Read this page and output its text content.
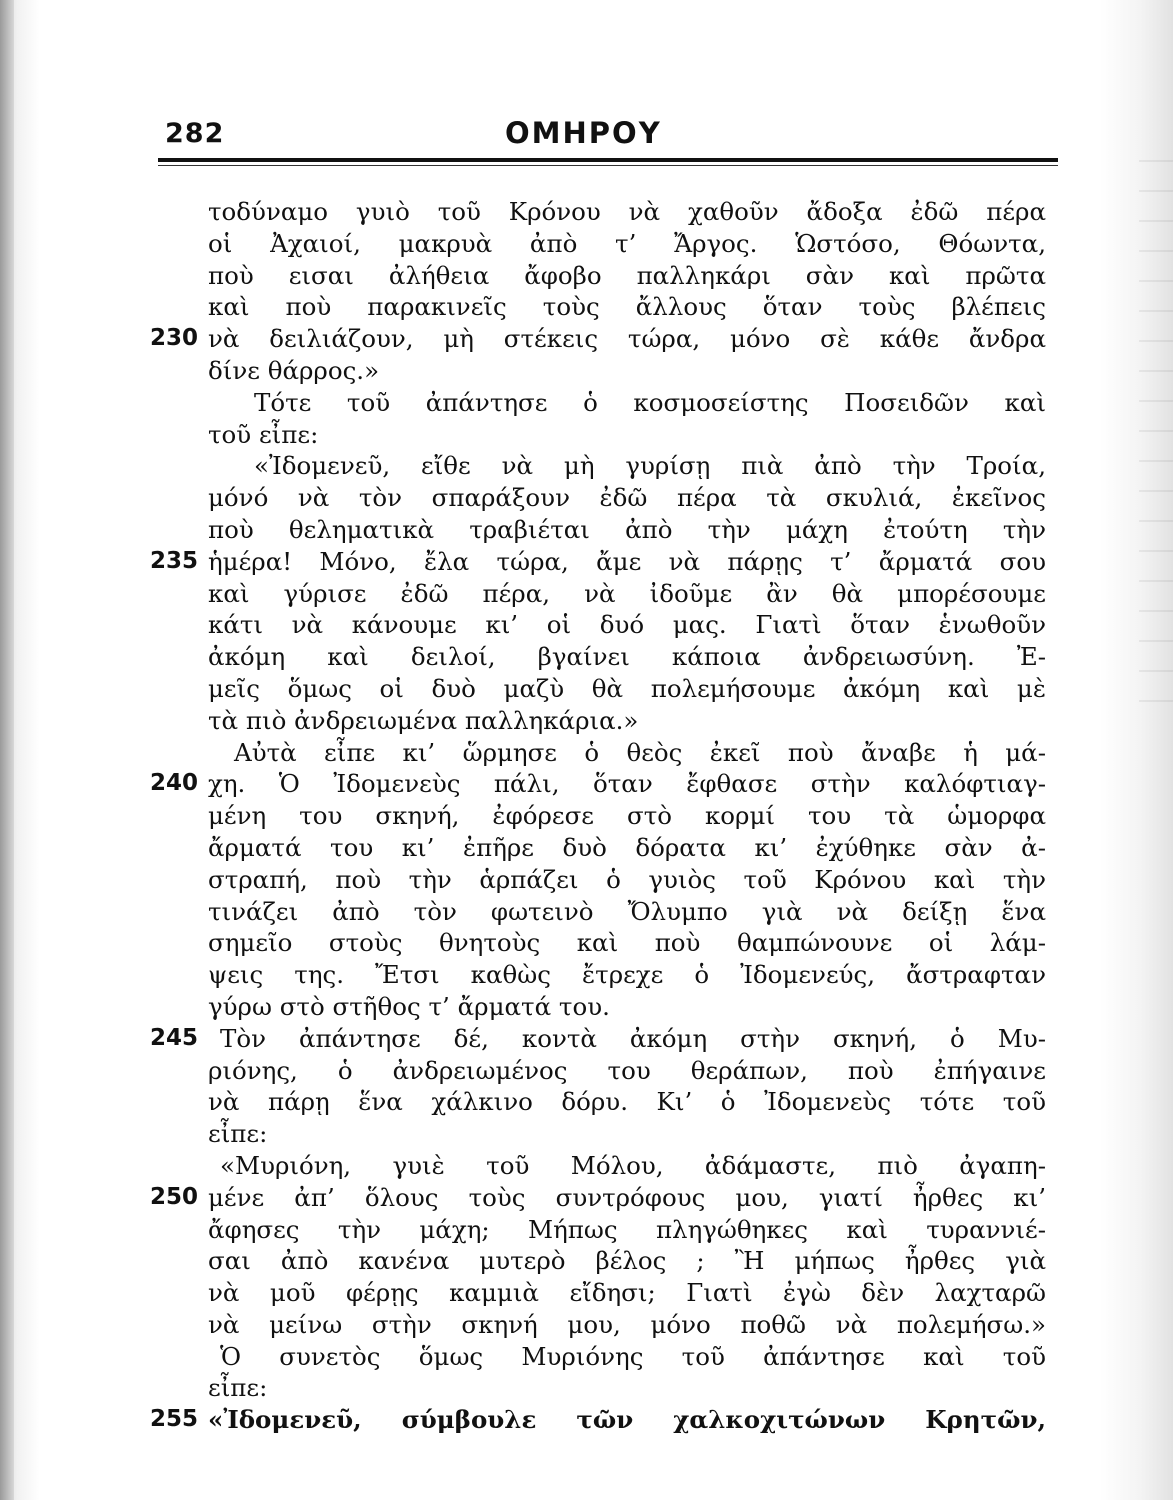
282	ΟΜΗΡΟΥ
τοδύναμο γυιὸ τοῦ Κρόνου νὰ χαθοῦν ἄδοξα ἐδῶ πέρα
οἱ Ἀχαιοί, μακρυὰ ἀπὸ τ’ Ἄργος. Ὡστόσο, Θόωντα,
ποὺ εισαι ἀλήθεια ἄφοβο παλληκάρι σὰν καὶ πρῶτα
καὶ ποὺ παρακινεῖς τοὺς ἄλλους ὅταν τοὺς βλέπεις
230 νὰ δειλιάζουν, μὴ στέκεις τώρα, μόνο σὲ κάθε ἄνδρα
δίνε θάρρος.»
Τότε τοῦ ἀπάντησε ὁ κοσμοσείστης Ποσειδῶν καὶ
τοῦ εἶπε:
«Ἰδομενεῦ, εἴθε νὰ μὴ γυρίσῃ πιὰ ἀπὸ τὴν Τροία,
μόνό νὰ τὸν σπαράξουν ἐδῶ πέρα τὰ σκυλιά, ἐκεῖνος
ποὺ θεληματικὰ τραβιέται ἀπὸ τὴν μάχη ἐτούτη τὴν
235 ἡμέρα! Μόνο, ἔλα τώρα, ἄμε νὰ πάρῃς τ’ ἄρματά σου
καὶ γύρισε ἐδῶ πέρα, νὰ ἰδοῦμε ἂν θὰ μπορέσουμε
κάτι νὰ κάνουμε κι’ οἱ δυό μας. Γιατὶ ὅταν ἑνωθοῦν
ἀκόμη καὶ δειλοί, βγαίνει κάποια ἀνδρειωσύνη. Ἐ-
μεῖς ὅμως οἱ δυὸ μαζὺ θὰ πολεμήσουμε ἀκόμη καὶ μὲ
τὰ πιὸ ἀνδρειωμένα παλληκάρια.»
Αὐτὰ εἶπε κι’ ὥρμησε ὁ θεὸς ἐκεῖ ποὺ ἄναβε ἡ μά-
240 χη. Ὁ Ἰδομενεὺς πάλι, ὅταν ἔφθασε στὴν καλόφτιαγ-
μένη του σκηνή, ἐφόρεσε στὸ κορμί του τὰ ὡμορφα
ἄρματά του κι’ ἐπῆρε δυὸ δόρατα κι’ ἐχύθηκε σὰν ἀ-
στραπή, ποὺ τὴν ἁρπάζει ὁ γυιὸς τοῦ Κρόνου καὶ τὴν
τινάζει ἀπὸ τὸν φωτεινὸ Ὄλυμπο γιὰ νὰ δείξῃ ἕνα
σημεῖο στοὺς θνητοὺς καὶ ποὺ θαμπώνουνε οἱ λάμ-
ψεις της. Ἔτσι καθὼς ἔτρεχε ὁ Ἰδομενεύς, ἄστραφταν
γύρω στὸ στῆθος τ’ ἄρματά του.
245 Τὸν ἀπάντησε δέ, κοντὰ ἀκόμη στὴν σκηνή, ὁ Μυ-
ριόνης, ὁ ἀνδρειωμένος του θεράπων, ποὺ ἐπήγαινε
νὰ πάρῃ ἕνα χάλκινο δόρυ. Κι’ ὁ Ἰδομενεὺς τότε τοῦ
εἶπε:
«Μυριόνη, γυιὲ τοῦ Μόλου, ἀδάμαστε, πιὸ ἀγαπη-
250 μένε ἀπ’ ὅλους τοὺς συντρόφους μου, γιατί ἦρθες κι’
ἄφησες τὴν μάχη; Μήπως πληγώθηκες καὶ τυραννιέ-
σαι ἀπὸ κανένα μυτερὸ βέλος ; Ἢ μήπως ἦρθες γιὰ
νὰ μοῦ φέρῃς καμμιὰ εἴδησι; Γιατὶ ἐγὼ δὲν λαχταρῶ
νὰ μείνω στὴν σκηνή μου, μόνο ποθῶ νὰ πολεμήσω.»
Ὁ συνετὸς ὅμως Μυριόνης τοῦ ἀπάντησε καὶ τοῦ
εἶπε:
255 «Ἰδομενεῦ, σύμβουλε τῶν χαλκοχιτώνων Κρητῶν,
